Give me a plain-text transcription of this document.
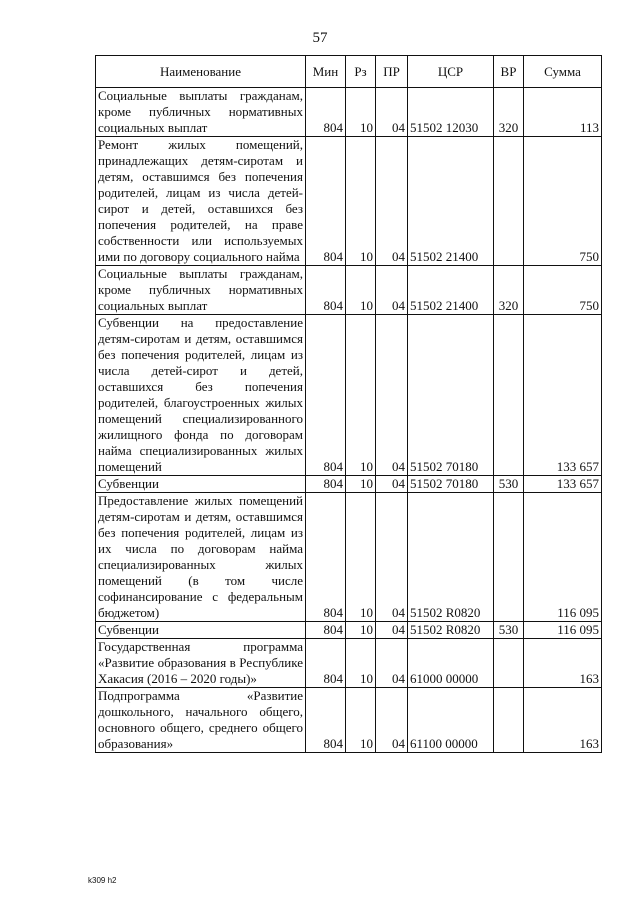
57
Наименование	Мин	Рз	ПР	ЦСР	ВР	Сумма
Социальные выплаты гражданам, кроме публичных нормативных социальных выплат	804	10	04	51502 12030	320	113
Ремонт жилых помещений, принадлежащих детям-сиротам и детям, оставшимся без попечения родителей, лицам из числа детей-сирот и детей, оставшихся без попечения родителей, на праве собственности или используемых ими по договору социального найма	804	10	04	51502 21400		750
Социальные выплаты гражданам, кроме публичных нормативных социальных выплат	804	10	04	51502 21400	320	750
Субвенции на предоставление детям-сиротам и детям, оставшимся без попечения родителей, лицам из числа детей-сирот и детей, оставшихся без попечения родителей, благоустроенных жилых помещений специализированного жилищного фонда по договорам найма специализированных жилых помещений	804	10	04	51502 70180		133 657
Субвенции	804	10	04	51502 70180	530	133 657
Предоставление жилых помещений детям-сиротам и детям, оставшимся без попечения родителей, лицам из их числа по договорам найма специализированных жилых помещений (в том числе софинансирование с федеральным бюджетом)	804	10	04	51502 R0820		116 095
Субвенции	804	10	04	51502 R0820	530	116 095
Государственная программа «Развитие образования в Республике Хакасия (2016 – 2020 годы)»	804	10	04	61000 00000		163
Подпрограмма «Развитие дошкольного, начального общего, основного общего, среднего общего образования»	804	10	04	61100 00000		163
k309 h2
